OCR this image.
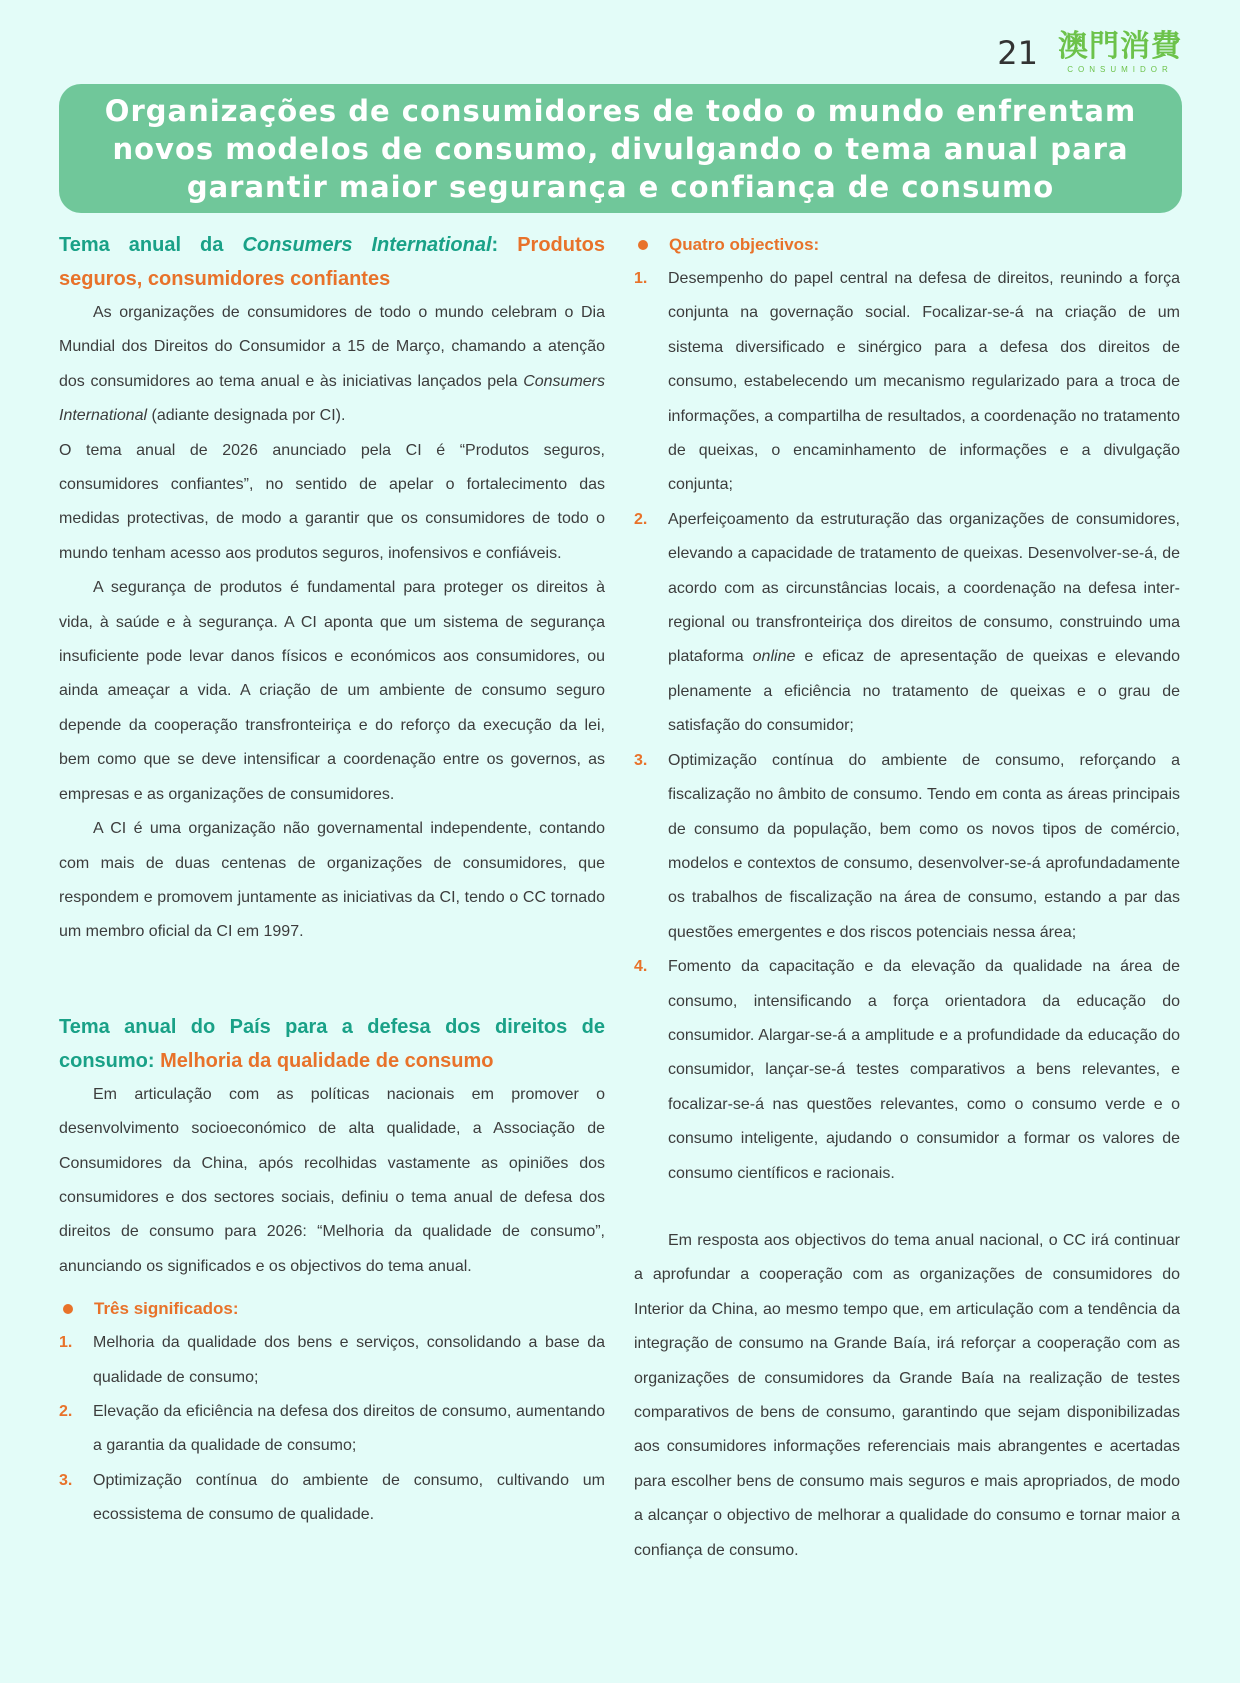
21 澳門消費
CONSUMIDOR
Organizações de consumidores de todo o mundo enfrentam
novos modelos de consumo, divulgando o tema anual para
garantir maior segurança e confiança de consumo
Tema anual da Consumers International: Produtos seguros, consumidores confiantes

As organizações de consumidores de todo o mundo celebram o Dia Mundial dos Direitos do Consumidor a 15 de Março, chamando a atenção dos consumidores ao tema anual e às iniciativas lançados pela Consumers International (adiante designada por CI).

O tema anual de 2026 anunciado pela CI é “Produtos seguros, consumidores confiantes”, no sentido de apelar o fortalecimento das medidas protectivas, de modo a garantir que os consumidores de todo o mundo tenham acesso aos produtos seguros, inofensivos e confiáveis.

A segurança de produtos é fundamental para proteger os direitos à vida, à saúde e à segurança. A CI aponta que um sistema de segurança insuficiente pode levar danos físicos e económicos aos consumidores, ou ainda ameaçar a vida. A criação de um ambiente de consumo seguro depende da cooperação transfronteiriça e do reforço da execução da lei, bem como que se deve intensificar a coordenação entre os governos, as empresas e as organizações de consumidores.

A CI é uma organização não governamental independente, contando com mais de duas centenas de organizações de consumidores, que respondem e promovem juntamente as iniciativas da CI, tendo o CC tornado um membro oficial da CI em 1997.

Tema anual do País para a defesa dos direitos de consumo: Melhoria da qualidade de consumo

Em articulação com as políticas nacionais em promover o desenvolvimento socioeconómico de alta qualidade, a Associação de Consumidores da China, após recolhidas vastamente as opiniões dos consumidores e dos sectores sociais, definiu o tema anual de defesa dos direitos de consumo para 2026: “Melhoria da qualidade de consumo”, anunciando os significados e os objectivos do tema anual.

Três significados:
1.	Melhoria da qualidade dos bens e serviços, consolidando a base da qualidade de consumo;
2.	Elevação da eficiência na defesa dos direitos de consumo, aumentando a garantia da qualidade de consumo;
3.	Optimização contínua do ambiente de consumo, cultivando um ecossistema de consumo de qualidade.
Quatro objectivos:
1.	Desempenho do papel central na defesa de direitos, reunindo a força conjunta na governação social. Focalizar-se-á na criação de um sistema diversificado e sinérgico para a defesa dos direitos de consumo, estabelecendo um mecanismo regularizado para a troca de informações, a compartilha de resultados, a coordenação no tratamento de queixas, o encaminhamento de informações e a divulgação conjunta;
2.	Aperfeiçoamento da estruturação das organizações de consumidores, elevando a capacidade de tratamento de queixas. Desenvolver-se-á, de acordo com as circunstâncias locais, a coordenação na defesa inter-regional ou transfronteiriça dos direitos de consumo, construindo uma plataforma online e eficaz de apresentação de queixas e elevando plenamente a eficiência no tratamento de queixas e o grau de satisfação do consumidor;
3.	Optimização contínua do ambiente de consumo, reforçando a fiscalização no âmbito de consumo. Tendo em conta as áreas principais de consumo da população, bem como os novos tipos de comércio, modelos e contextos de consumo, desenvolver-se-á aprofundadamente os trabalhos de fiscalização na área de consumo, estando a par das questões emergentes e dos riscos potenciais nessa área;
4.	Fomento da capacitação e da elevação da qualidade na área de consumo, intensificando a força orientadora da educação do consumidor. Alargar-se-á a amplitude e a profundidade da educação do consumidor, lançar-se-á testes comparativos a bens relevantes, e focalizar-se-á nas questões relevantes, como o consumo verde e o consumo inteligente, ajudando o consumidor a formar os valores de consumo científicos e racionais.

Em resposta aos objectivos do tema anual nacional, o CC irá continuar a aprofundar a cooperação com as organizações de consumidores do Interior da China, ao mesmo tempo que, em articulação com a tendência da integração de consumo na Grande Baía, irá reforçar a cooperação com as organizações de consumidores da Grande Baía na realização de testes comparativos de bens de consumo, garantindo que sejam disponibilizadas aos consumidores informações referenciais mais abrangentes e acertadas para escolher bens de consumo mais seguros e mais apropriados, de modo a alcançar o objectivo de melhorar a qualidade do consumo e tornar maior a confiança de consumo.
